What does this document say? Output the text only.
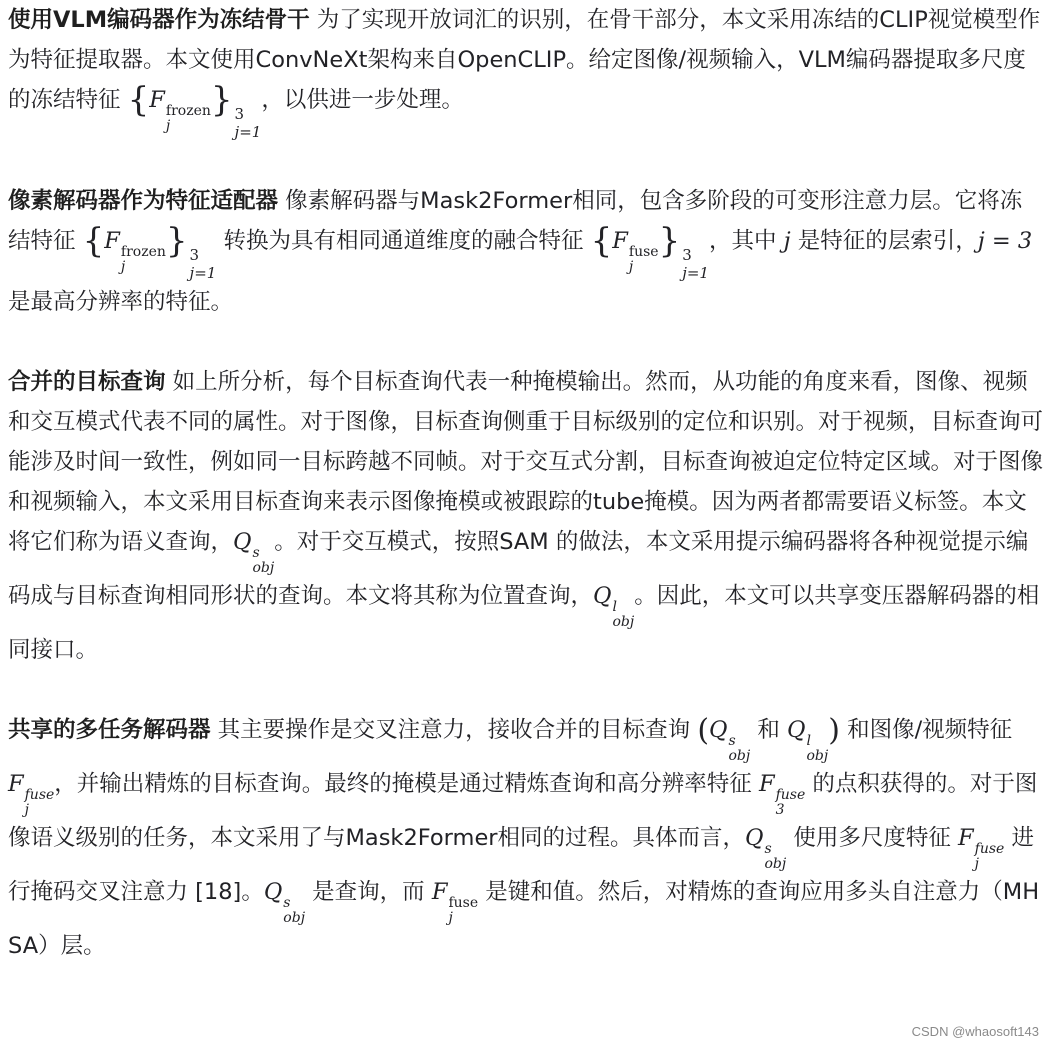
使用VLM编码器作为冻结骨干 为了实现开放词汇的识别，在骨干部分，本文采用冻结的CLIP视觉模型作为特征提取器。本文使用ConvNeXt架构来自OpenCLIP。给定图像/视频输入，VLM编码器提取多尺度的冻结特征 {F frozen
j
} 3
j=1
，以供进一步处理。

像素解码器作为特征适配器 像素解码器与Mask2Former相同，包含多阶段的可变形注意力层。它将冻结特征 {F frozen
j
} 3
j=1
转换为具有相同通道维度的融合特征 {F fuse
j
} 3
j=1
，其中 j 是特征的层索引，j = 3 是最高分辨率的特征。

合并的目标查询 如上所分析，每个目标查询代表一种掩模输出。然而，从功能的角度来看，图像、视频和交互模式代表不同的属性。对于图像，目标查询侧重于目标级别的定位和识别。对于视频，目标查询可能涉及时间一致性，例如同一目标跨越不同帧。对于交互式分割，目标查询被迫定位特定区域。对于图像和视频输入，本文采用目标查询来表示图像掩模或被跟踪的tube掩模。因为两者都需要语义标签。本文将它们称为语义查询，Q s
obj
。对于交互模式，按照SAM 的做法，本文采用提示编码器将各种视觉提示编码成与目标查询相同形状的查询。本文将其称为位置查询，Q l
obj
。因此，本文可以共享变压器解码器的相同接口。

共享的多任务解码器 其主要操作是交叉注意力，接收合并的目标查询 (Q s
obj
和 Q l
obj
) 和图像/视频特征 F fuse
j
，并输出精炼的目标查询。最终的掩模是通过精炼查询和高分辨率特征 F fuse
3
的点积获得的。对于图像语义级别的任务，本文采用了与Mask2Former相同的过程。具体而言，Q s
obj
使用多尺度特征 F fuse
j
进行掩码交叉注意力 [18]。Q s
obj
是查询，而 F fuse
j
是键和值。然后，对精炼的查询应用多头自注意力（MHSA）层。

CSDN @whaosoft143
